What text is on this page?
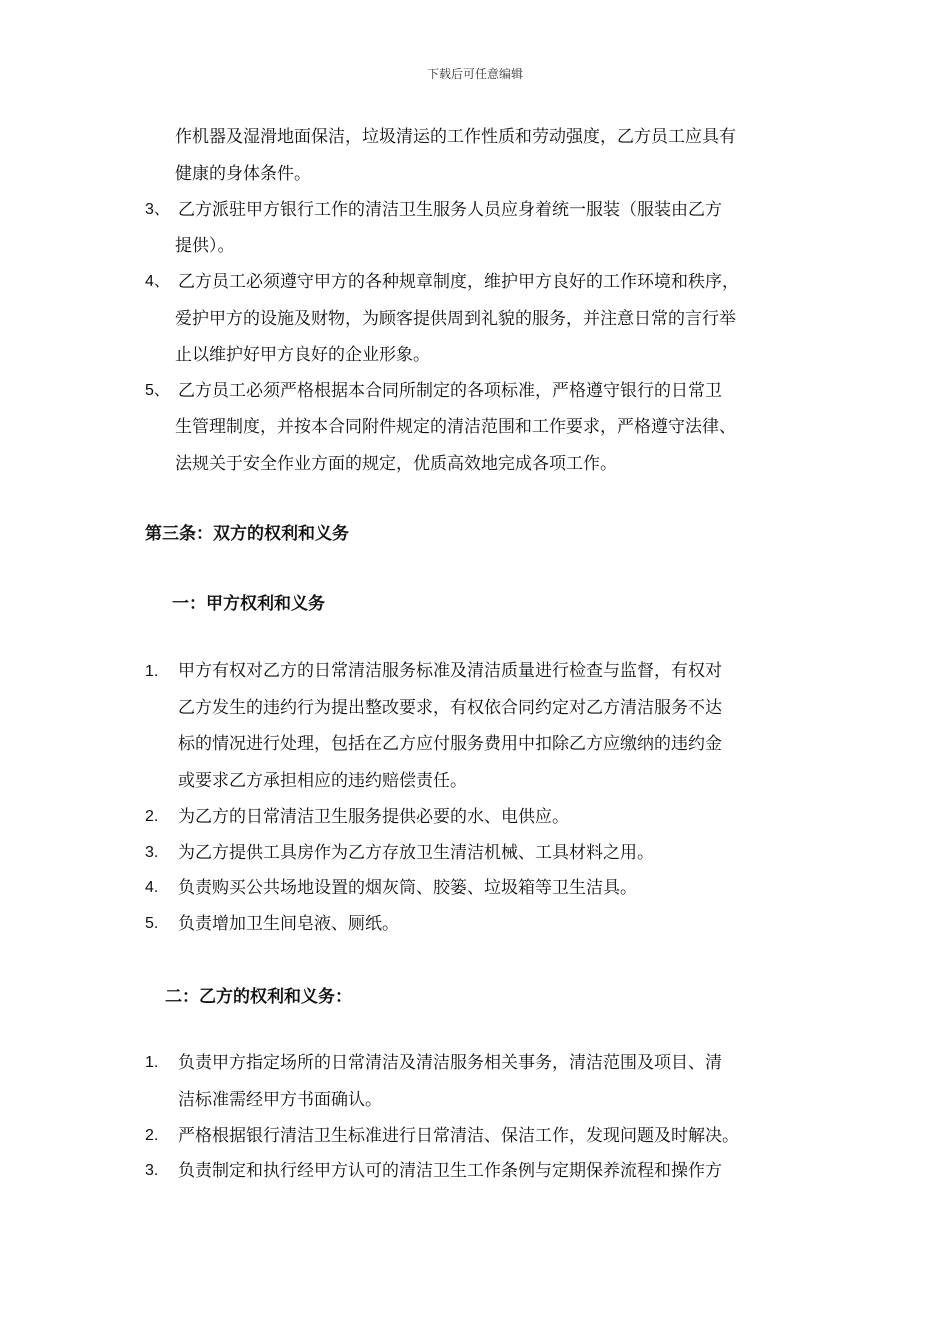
下载后可任意编辑
作机器及湿滑地面保洁，垃圾清运的工作性质和劳动强度，乙方员工应具有
健康的身体条件。
3、 乙方派驻甲方银行工作的清洁卫生服务人员应身着统一服装（服装由乙方
提供）。
4、 乙方员工必须遵守甲方的各种规章制度，维护甲方良好的工作环境和秩序，
爱护甲方的设施及财物，为顾客提供周到礼貌的服务，并注意日常的言行举
止以维护好甲方良好的企业形象。
5、 乙方员工必须严格根据本合同所制定的各项标准，严格遵守银行的日常卫
生管理制度，并按本合同附件规定的清洁范围和工作要求，严格遵守法律、
法规关于安全作业方面的规定，优质高效地完成各项工作。
第三条：双方的权利和义务
一：甲方权利和义务
1. 甲方有权对乙方的日常清洁服务标准及清洁质量进行检查与监督，有权对
乙方发生的违约行为提出整改要求，有权依合同约定对乙方清洁服务不达
标的情况进行处理，包括在乙方应付服务费用中扣除乙方应缴纳的违约金
或要求乙方承担相应的违约赔偿责任。
2. 为乙方的日常清洁卫生服务提供必要的水、电供应。
3. 为乙方提供工具房作为乙方存放卫生清洁机械、工具材料之用。
4. 负责购买公共场地设置的烟灰筒、胶篓、垃圾箱等卫生洁具。
5. 负责增加卫生间皂液、厕纸。
二：乙方的权利和义务：
1. 负责甲方指定场所的日常清洁及清洁服务相关事务，清洁范围及项目、清
洁标准需经甲方书面确认。
2. 严格根据银行清洁卫生标准进行日常清洁、保洁工作，发现问题及时解决。
3. 负责制定和执行经甲方认可的清洁卫生工作条例与定期保养流程和操作方
